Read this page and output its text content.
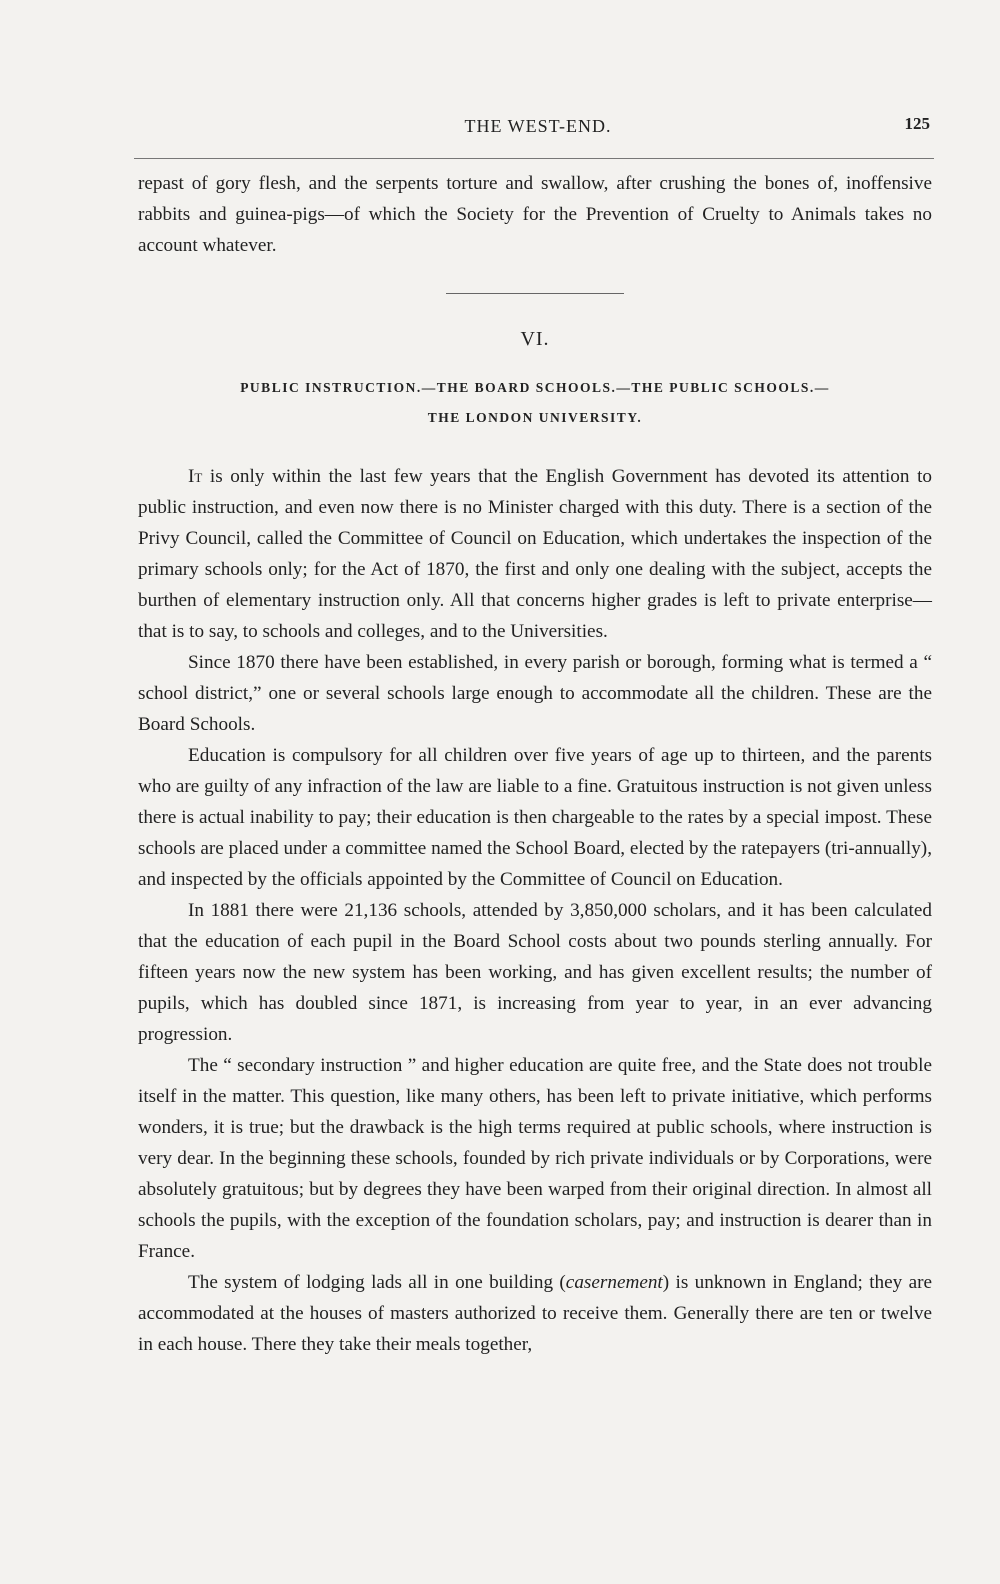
THE WEST-END.	125

repast of gory flesh, and the serpents torture and swallow, after crushing the bones of, inoffensive rabbits and guinea-pigs—of which the Society for the Prevention of Cruelty to Animals takes no account whatever.

VI.
PUBLIC INSTRUCTION.—THE BOARD SCHOOLS.—THE PUBLIC SCHOOLS.—
THE LONDON UNIVERSITY.

It is only within the last few years that the English Government has devoted its attention to public instruction, and even now there is no Minister charged with this duty. There is a section of the Privy Council, called the Committee of Council on Education, which undertakes the inspection of the primary schools only; for the Act of 1870, the first and only one dealing with the subject, accepts the burthen of elementary instruction only. All that concerns higher grades is left to private enterprise—that is to say, to schools and colleges, and to the Universities.

Since 1870 there have been established, in every parish or borough, forming what is termed a “ school district,” one or several schools large enough to accommodate all the children. These are the Board Schools.

Education is compulsory for all children over five years of age up to thirteen, and the parents who are guilty of any infraction of the law are liable to a fine. Gratuitous instruction is not given unless there is actual inability to pay; their education is then chargeable to the rates by a special impost. These schools are placed under a committee named the School Board, elected by the ratepayers (tri-annually), and inspected by the officials appointed by the Committee of Council on Education.

In 1881 there were 21,136 schools, attended by 3,850,000 scholars, and it has been calculated that the education of each pupil in the Board School costs about two pounds sterling annually. For fifteen years now the new system has been working, and has given excellent results; the number of pupils, which has doubled since 1871, is increasing from year to year, in an ever advancing progression.

The “ secondary instruction ” and higher education are quite free, and the State does not trouble itself in the matter. This question, like many others, has been left to private initiative, which performs wonders, it is true; but the drawback is the high terms required at public schools, where instruction is very dear. In the beginning these schools, founded by rich private individuals or by Corporations, were absolutely gratuitous; but by degrees they have been warped from their original direction. In almost all schools the pupils, with the exception of the foundation scholars, pay; and instruction is dearer than in France.

The system of lodging lads all in one building (casernement) is unknown in England; they are accommodated at the houses of masters authorized to receive them. Generally there are ten or twelve in each house. There they take their meals together,
